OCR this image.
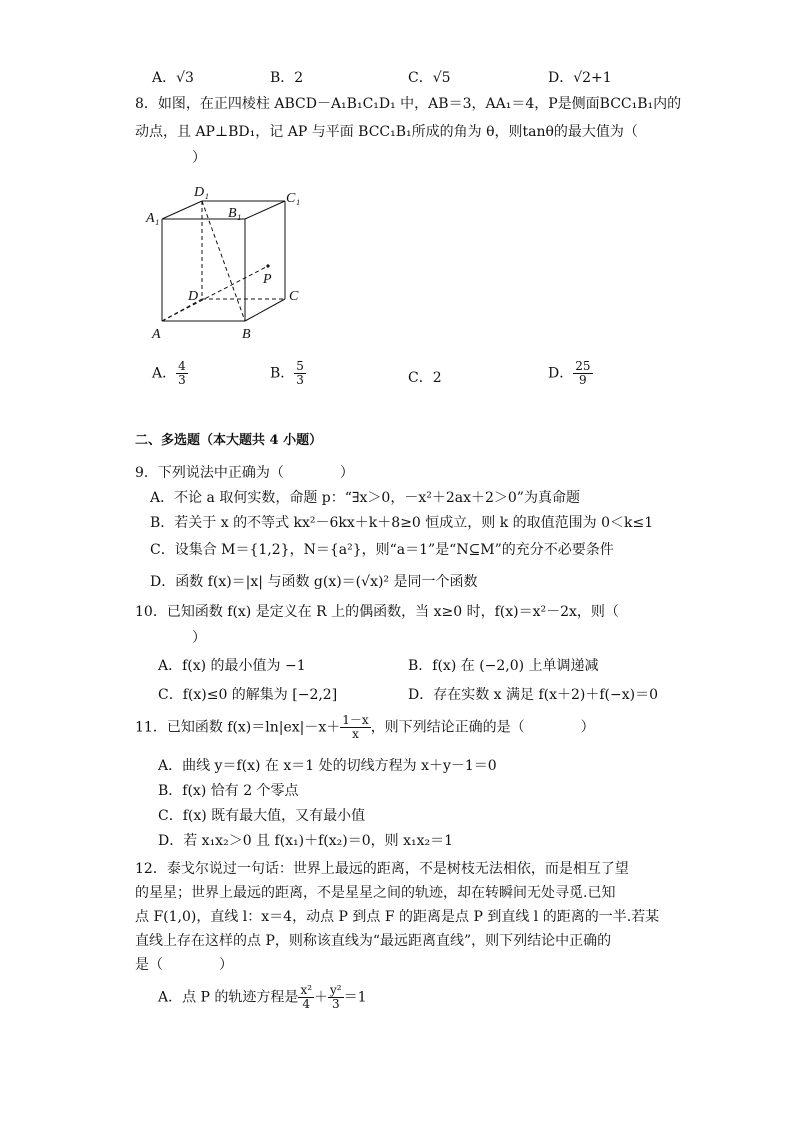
A．√3	B．2	C．√5	D．√2+1
8．如图，在正四棱柱 ABCD－A₁B₁C₁D₁ 中，AB＝3，AA₁＝4，P是侧面BCC₁B₁内的
动点，且 AP⊥BD₁，记 AP 与平面 BCC₁B₁所成的角为 θ，则tanθ的最大值为（
）
D₁	C₁
A₁	B₁
P
D	C
A	B
A． $\frac{4}{3}$	B． $\frac{5}{3}$	C．2	D． $\frac{25}{9}$
二、多选题（本大题共 4 小题）
9．下列说法中正确为（　　　　）
A．不论 a 取何实数，命题 p：“∃x＞0，－x²＋2ax＋2＞0”为真命题
B．若关于 x 的不等式 kx²－6kx＋k＋8≥0 恒成立，则 k 的取值范围为 0＜k≤1
C．设集合 M＝{1,2}，N＝{a²}，则“a＝1”是“N⊆M”的充分不必要条件
D．函数 f(x)＝|x| 与函数 g(x)＝(√x)² 是同一个函数
10．已知函数 f(x) 是定义在 R 上的偶函数，当 x≥0 时，f(x)＝x²－2x，则（
）
A．f(x) 的最小值为 −1	B．f(x) 在 (−2,0) 上单调递减
C．f(x)≤0 的解集为 [−2,2]	D．存在实数 x 满足 f(x＋2)＋f(−x)＝0
11．已知函数 $f(x)=\ln|ex|-x+ \frac{1-x}{x}$ ，则下列结论正确的是（　　　　）
A．曲线 y＝f(x) 在 x＝1 处的切线方程为 x＋y－1＝0
B．f(x) 恰有 2 个零点
C．f(x) 既有最大值，又有最小值
D．若 x₁x₂＞0 且 f(x₁)＋f(x₂)＝0，则 x₁x₂＝1
12．泰戈尔说过一句话：世界上最远的距离，不是树枝无法相依，而是相互了望
的星星；世界上最远的距离，不是星星之间的轨迹，却在转瞬间无处寻觅.已知
点 F(1,0)，直线 l：x＝4，动点 P 到点 F 的距离是点 P 到直线 l 的距离的一半.若某
直线上存在这样的点 P，则称该直线为“最远距离直线”，则下列结论中正确的
是（　　　　）
A．点 P 的轨迹方程是 $\frac{\text{x²}}{4} + \frac{\text{y²}}{3} =1$
